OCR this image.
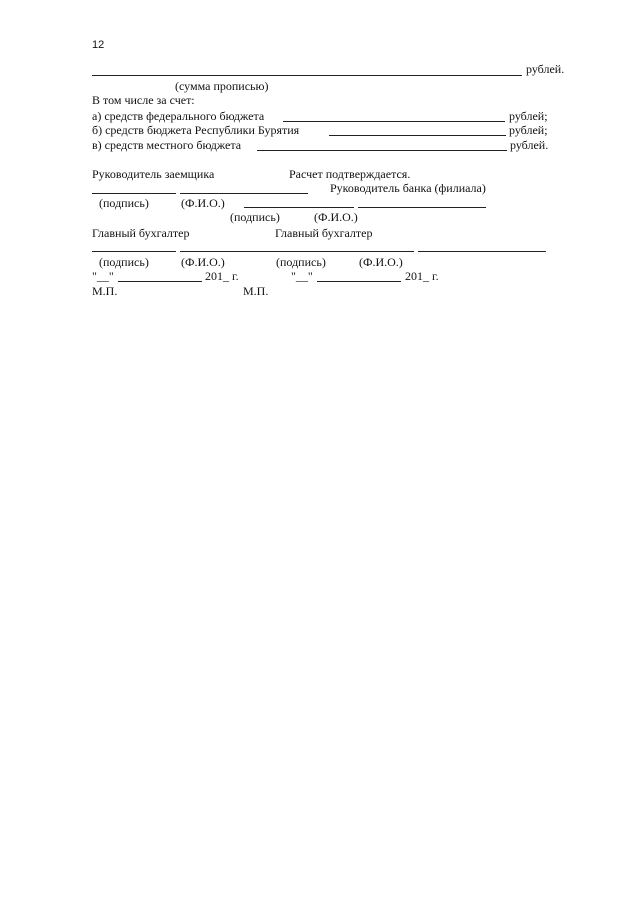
12
рублей.
(сумма прописью)
В том числе за счет:
а) средств федерального бюджета	рублей;
б) средств бюджета Республики Бурятия	рублей;
в) средств местного бюджета	рублей.
Руководитель заемщика	Расчет подтверждается.
Руководитель банка (филиала)
(подпись)	(Ф.И.О.)
(подпись)	(Ф.И.О.)
Главный бухгалтер	Главный бухгалтер
(подпись)	(Ф.И.О.)	(подпись)	(Ф.И.О.)
"__"	201_ г.	"__"	201_ г.
М.П.	М.П.
